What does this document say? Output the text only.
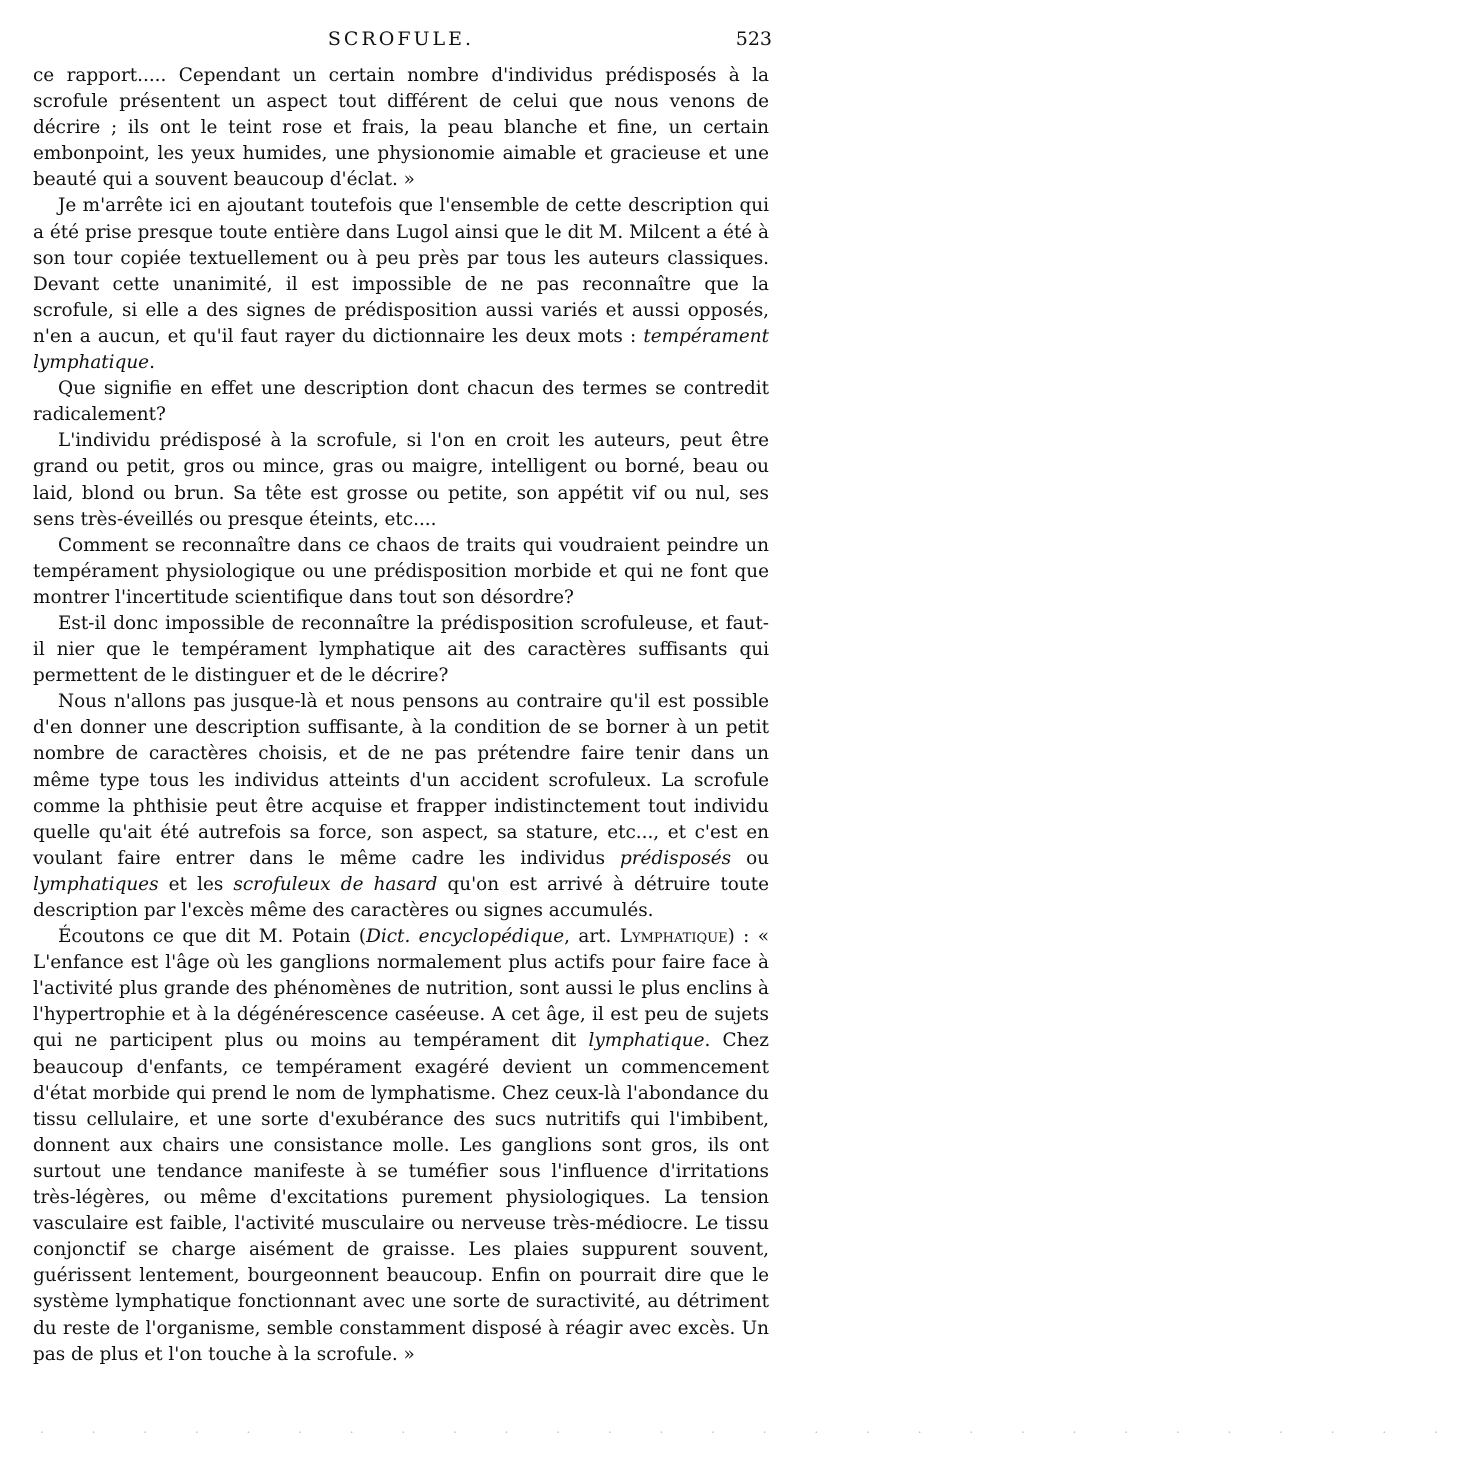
SCROFULE.	523

ce rapport..... Cependant un certain nombre d'individus prédisposés à la scrofule présentent un aspect tout différent de celui que nous venons de décrire ; ils ont le teint rose et frais, la peau blanche et fine, un certain embonpoint, les yeux humides, une physionomie aimable et gracieuse et une beauté qui a souvent beaucoup d'éclat. »

Je m'arrête ici en ajoutant toutefois que l'ensemble de cette description qui a été prise presque toute entière dans Lugol ainsi que le dit M. Milcent a été à son tour copiée textuellement ou à peu près par tous les auteurs classiques. Devant cette unanimité, il est impossible de ne pas reconnaître que la scrofule, si elle a des signes de prédisposition aussi variés et aussi opposés, n'en a aucun, et qu'il faut rayer du dictionnaire les deux mots : tempérament lymphatique.

Que signifie en effet une description dont chacun des termes se contredit radicalement?

L'individu prédisposé à la scrofule, si l'on en croit les auteurs, peut être grand ou petit, gros ou mince, gras ou maigre, intelligent ou borné, beau ou laid, blond ou brun. Sa tête est grosse ou petite, son appétit vif ou nul, ses sens très-éveillés ou presque éteints, etc....

Comment se reconnaître dans ce chaos de traits qui voudraient peindre un tempérament physiologique ou une prédisposition morbide et qui ne font que montrer l'incertitude scientifique dans tout son désordre?

Est-il donc impossible de reconnaître la prédisposition scrofuleuse, et faut-il nier que le tempérament lymphatique ait des caractères suffisants qui permettent de le distinguer et de le décrire?

Nous n'allons pas jusque-là et nous pensons au contraire qu'il est possible d'en donner une description suffisante, à la condition de se borner à un petit nombre de caractères choisis, et de ne pas prétendre faire tenir dans un même type tous les individus atteints d'un accident scrofuleux. La scrofule comme la phthisie peut être acquise et frapper indistinctement tout individu quelle qu'ait été autrefois sa force, son aspect, sa stature, etc..., et c'est en voulant faire entrer dans le même cadre les individus prédisposés ou lymphatiques et les scrofuleux de hasard qu'on est arrivé à détruire toute description par l'excès même des caractères ou signes accumulés.

Écoutons ce que dit M. Potain (Dict. encyclopédique, art. Lymphatique) : « L'enfance est l'âge où les ganglions normalement plus actifs pour faire face à l'activité plus grande des phénomènes de nutrition, sont aussi le plus enclins à l'hypertrophie et à la dégénérescence caséeuse. A cet âge, il est peu de sujets qui ne participent plus ou moins au tempérament dit lymphatique. Chez beaucoup d'enfants, ce tempérament exagéré devient un commencement d'état morbide qui prend le nom de lymphatisme. Chez ceux-là l'abondance du tissu cellulaire, et une sorte d'exubérance des sucs nutritifs qui l'imbibent, donnent aux chairs une consistance molle. Les ganglions sont gros, ils ont surtout une tendance manifeste à se tuméfier sous l'influence d'irritations très-légères, ou même d'excitations purement physiologiques. La tension vasculaire est faible, l'activité musculaire ou nerveuse très-médiocre. Le tissu conjonctif se charge aisément de graisse. Les plaies suppurent souvent, guérissent lentement, bourgeonnent beaucoup. Enfin on pourrait dire que le système lymphatique fonctionnant avec une sorte de suractivité, au détriment du reste de l'organisme, semble constamment disposé à réagir avec excès. Un pas de plus et l'on touche à la scrofule. »

. . . . . . . . . . . . . . . . . . . . . . . . . . . .
